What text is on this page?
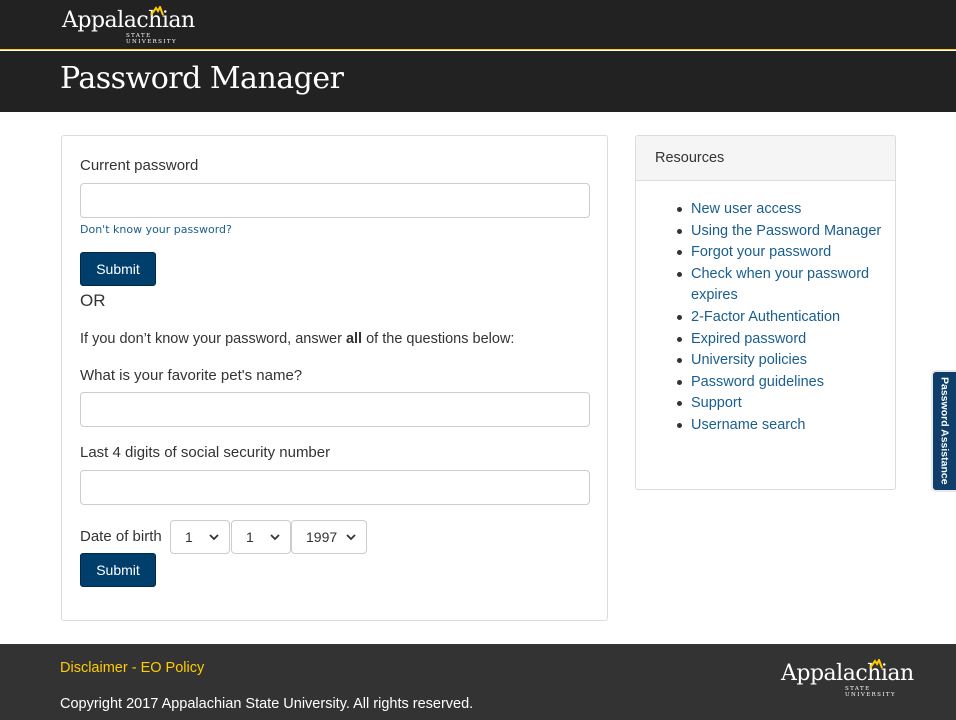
Appalachian
STATE UNIVERSITY
Password Manager
Current password
Don't know your password?
Submit
OR
If you don’t know your password, answer all of the questions below:
What is your favorite pet's name?
Last 4 digits of social security number
Date of birth 1	1	1997
Submit
Resources
New user access
Using the Password Manager
Forgot your password
Check when your password expires
2-Factor Authentication
Expired password
University policies
Password guidelines
Support
Username search	Password Assistance
Disclaimer - EO Policy
Copyright 2017 Appalachian State University. All rights reserved.
Appalachian
STATE UNIVERSITY
